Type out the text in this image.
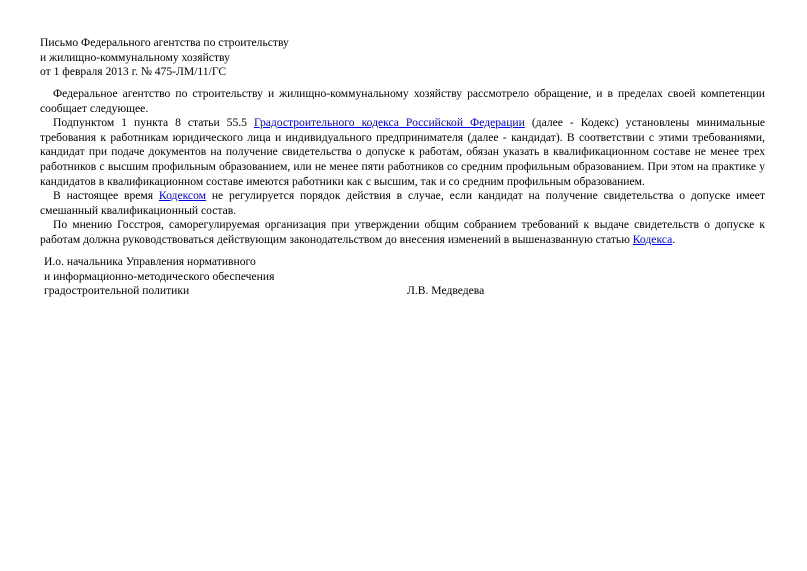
Письмо Федерального агентства по строительству
и жилищно-коммунальному хозяйству
от 1 февраля 2013 г. № 475-ЛМ/11/ГС

Федеральное агентство по строительству и жилищно-коммунальному хозяйству рассмотрело обращение, и в пределах своей компетенции сообщает следующее.

Подпунктом 1 пункта 8 статьи 55.5 Градостроительного кодекса Российской Федерации (далее - Кодекс) установлены минимальные требования к работникам юридического лица и индивидуального предпринимателя (далее - кандидат). В соответствии с этими требованиями, кандидат при подаче документов на получение свидетельства о допуске к работам, обязан указать в квалификационном составе не менее трех работников с высшим профильным образованием, или не менее пяти работников со средним профильным образованием. При этом на практике у кандидатов в квалификационном составе имеются работники как с высшим, так и со средним профильным образованием.

В настоящее время Кодексом не регулируется порядок действия в случае, если кандидат на получение свидетельства о допуске имеет смешанный квалификационный состав.

По мнению Госстроя, саморегулируемая организация при утверждении общим собранием требований к выдаче свидетельств о допуске к работам должна руководствоваться действующим законодательством до внесения изменений в вышеназванную статью Кодекса.

И.о. начальника Управления нормативного
и информационно-методического обеспечения
градостроительной политики	Л.В. Медведева
